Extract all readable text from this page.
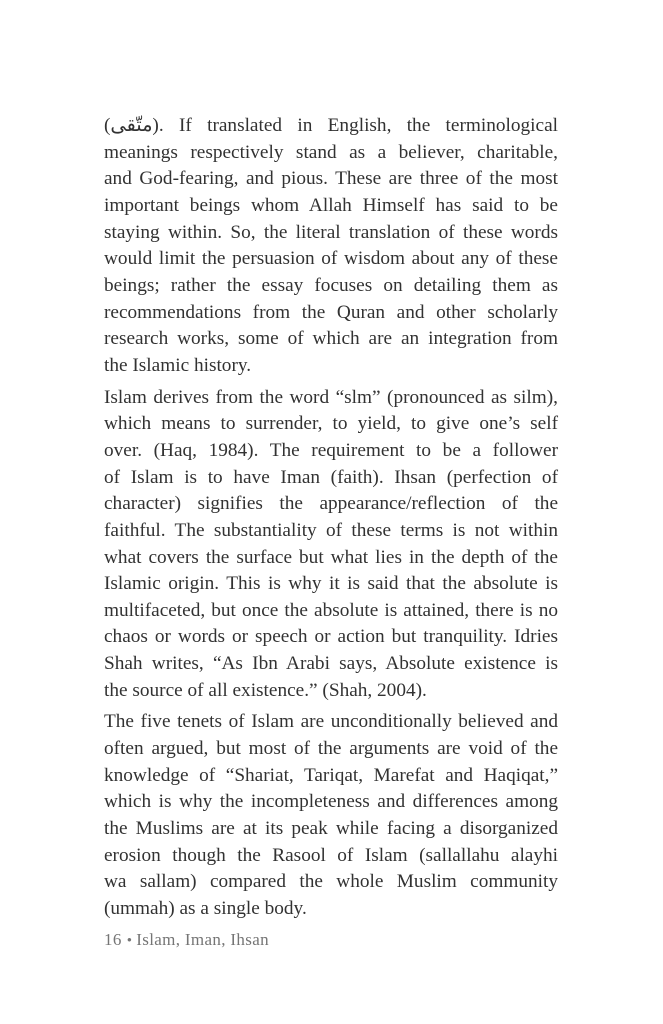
(متّقى). If translated in English, the terminological
meanings respectively stand as a believer, charitable,
and God-fearing, and pious. These are three of the most
important beings whom Allah Himself has said to be
staying within. So, the literal translation of these words
would limit the persuasion of wisdom about any of these
beings; rather the essay focuses on detailing them as
recommendations from the Quran and other scholarly
research works, some of which are an integration from
the Islamic history.
Islam derives from the word “slm” (pronounced as silm),
which means to surrender, to yield, to give one’s self
over. (Haq, 1984). The requirement to be a follower
of Islam is to have Iman (faith). Ihsan (perfection of
character) signifies the appearance/reflection of the
faithful. The substantiality of these terms is not within
what covers the surface but what lies in the depth of the
Islamic origin. This is why it is said that the absolute is
multifaceted, but once the absolute is attained, there is no
chaos or words or speech or action but tranquility. Idries
Shah writes, “As Ibn Arabi says, Absolute existence is
the source of all existence.” (Shah, 2004).
The five tenets of Islam are unconditionally believed and
often argued, but most of the arguments are void of the
knowledge of “Shariat, Tariqat, Marefat and Haqiqat,”
which is why the incompleteness and differences among
the Muslims are at its peak while facing a disorganized
erosion though the Rasool of Islam (sallallahu alayhi
wa sallam) compared the whole Muslim community
(ummah) as a single body.
16 • Islam, Iman, Ihsan
